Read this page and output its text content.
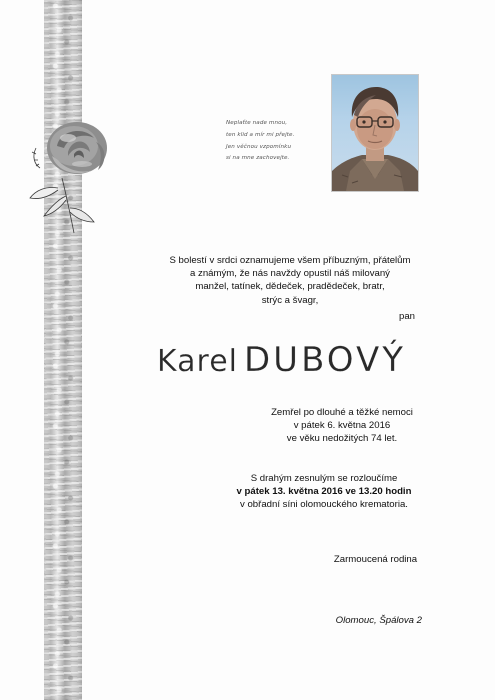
Neplaťte nade mnou,
ten klid a mír mi přejte.
Jen věčnou vzpomínku
si na mne zachovejte.
S bolestí v srdci oznamujeme všem příbuzným, přátelům
a známým, že nás navždy opustil náš milovaný
manžel, tatínek, dědeček, pradědeček, bratr,
strýc a švagr,
pan
Karel DUBOVÝ
Zemřel po dlouhé a těžké nemoci
v pátek 6. května 2016
ve věku nedožitých 74 let.
S drahým zesnulým se rozloučíme
v pátek 13. května 2016 ve 13.20 hodin
v obřadní síni olomouckého krematoria.
Zarmoucená rodina
Olomouc, Špálova 2
